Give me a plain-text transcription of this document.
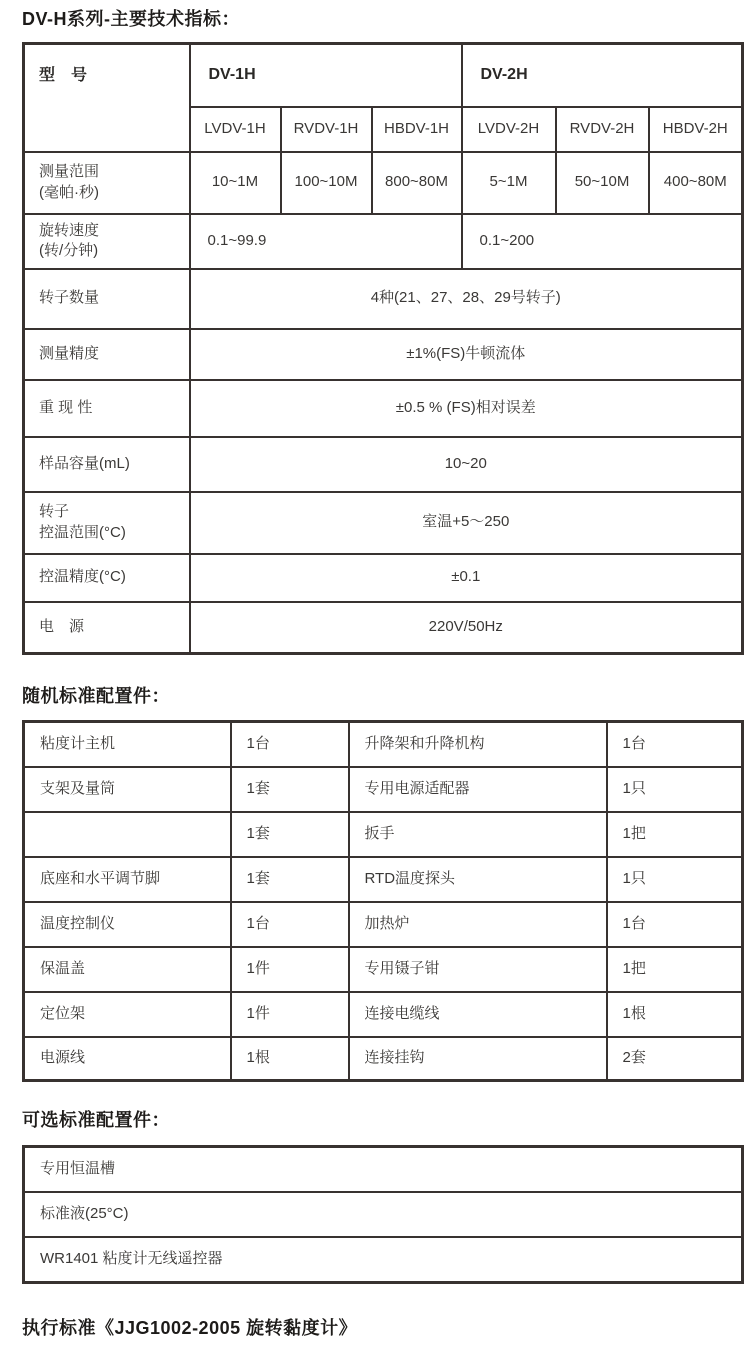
DV-H系列-主要技术指标：
型　号	DV-1H			DV-2H		
	LVDV-1H	RVDV-1H	HBDV-1H	LVDV-2H	RVDV-2H	HBDV-2H

测量范围
(毫帕·秒)	10~1M	100~10M	800~80M	5~1M	50~10M	400~80M

旋转速度
(转/分钟)	0.1~99.9			0.1~200		
转子数量	4种(21、27、28、29号转子)					
测量精度	±1%(FS)牛顿流体					
重 现 性	±0.5 % (FS)相对误差					
样品容量(mL)	10~20					

转子
控温范围(°C)	室温+5～250					
控温精度(°C)	±0.1					
电　源	220V/50Hz					
随机标准配置件：
粘度计主机	1台	升降架和升降机构	1台
支架及量筒	1套	专用电源适配器	1只
	1套	扳手	1把
底座和水平调节脚	1套	RTD温度探头	1只
温度控制仪	1台	加热炉	1台
保温盖	1件	专用镊子钳	1把
定位架	1件	连接电缆线	1根
电源线	1根	连接挂钩	2套
可选标准配置件：
专用恒温槽
标准液(25°C)
WR1401 粘度计无线遥控器

执行标准《JJG1002-2005 旋转黏度计》
